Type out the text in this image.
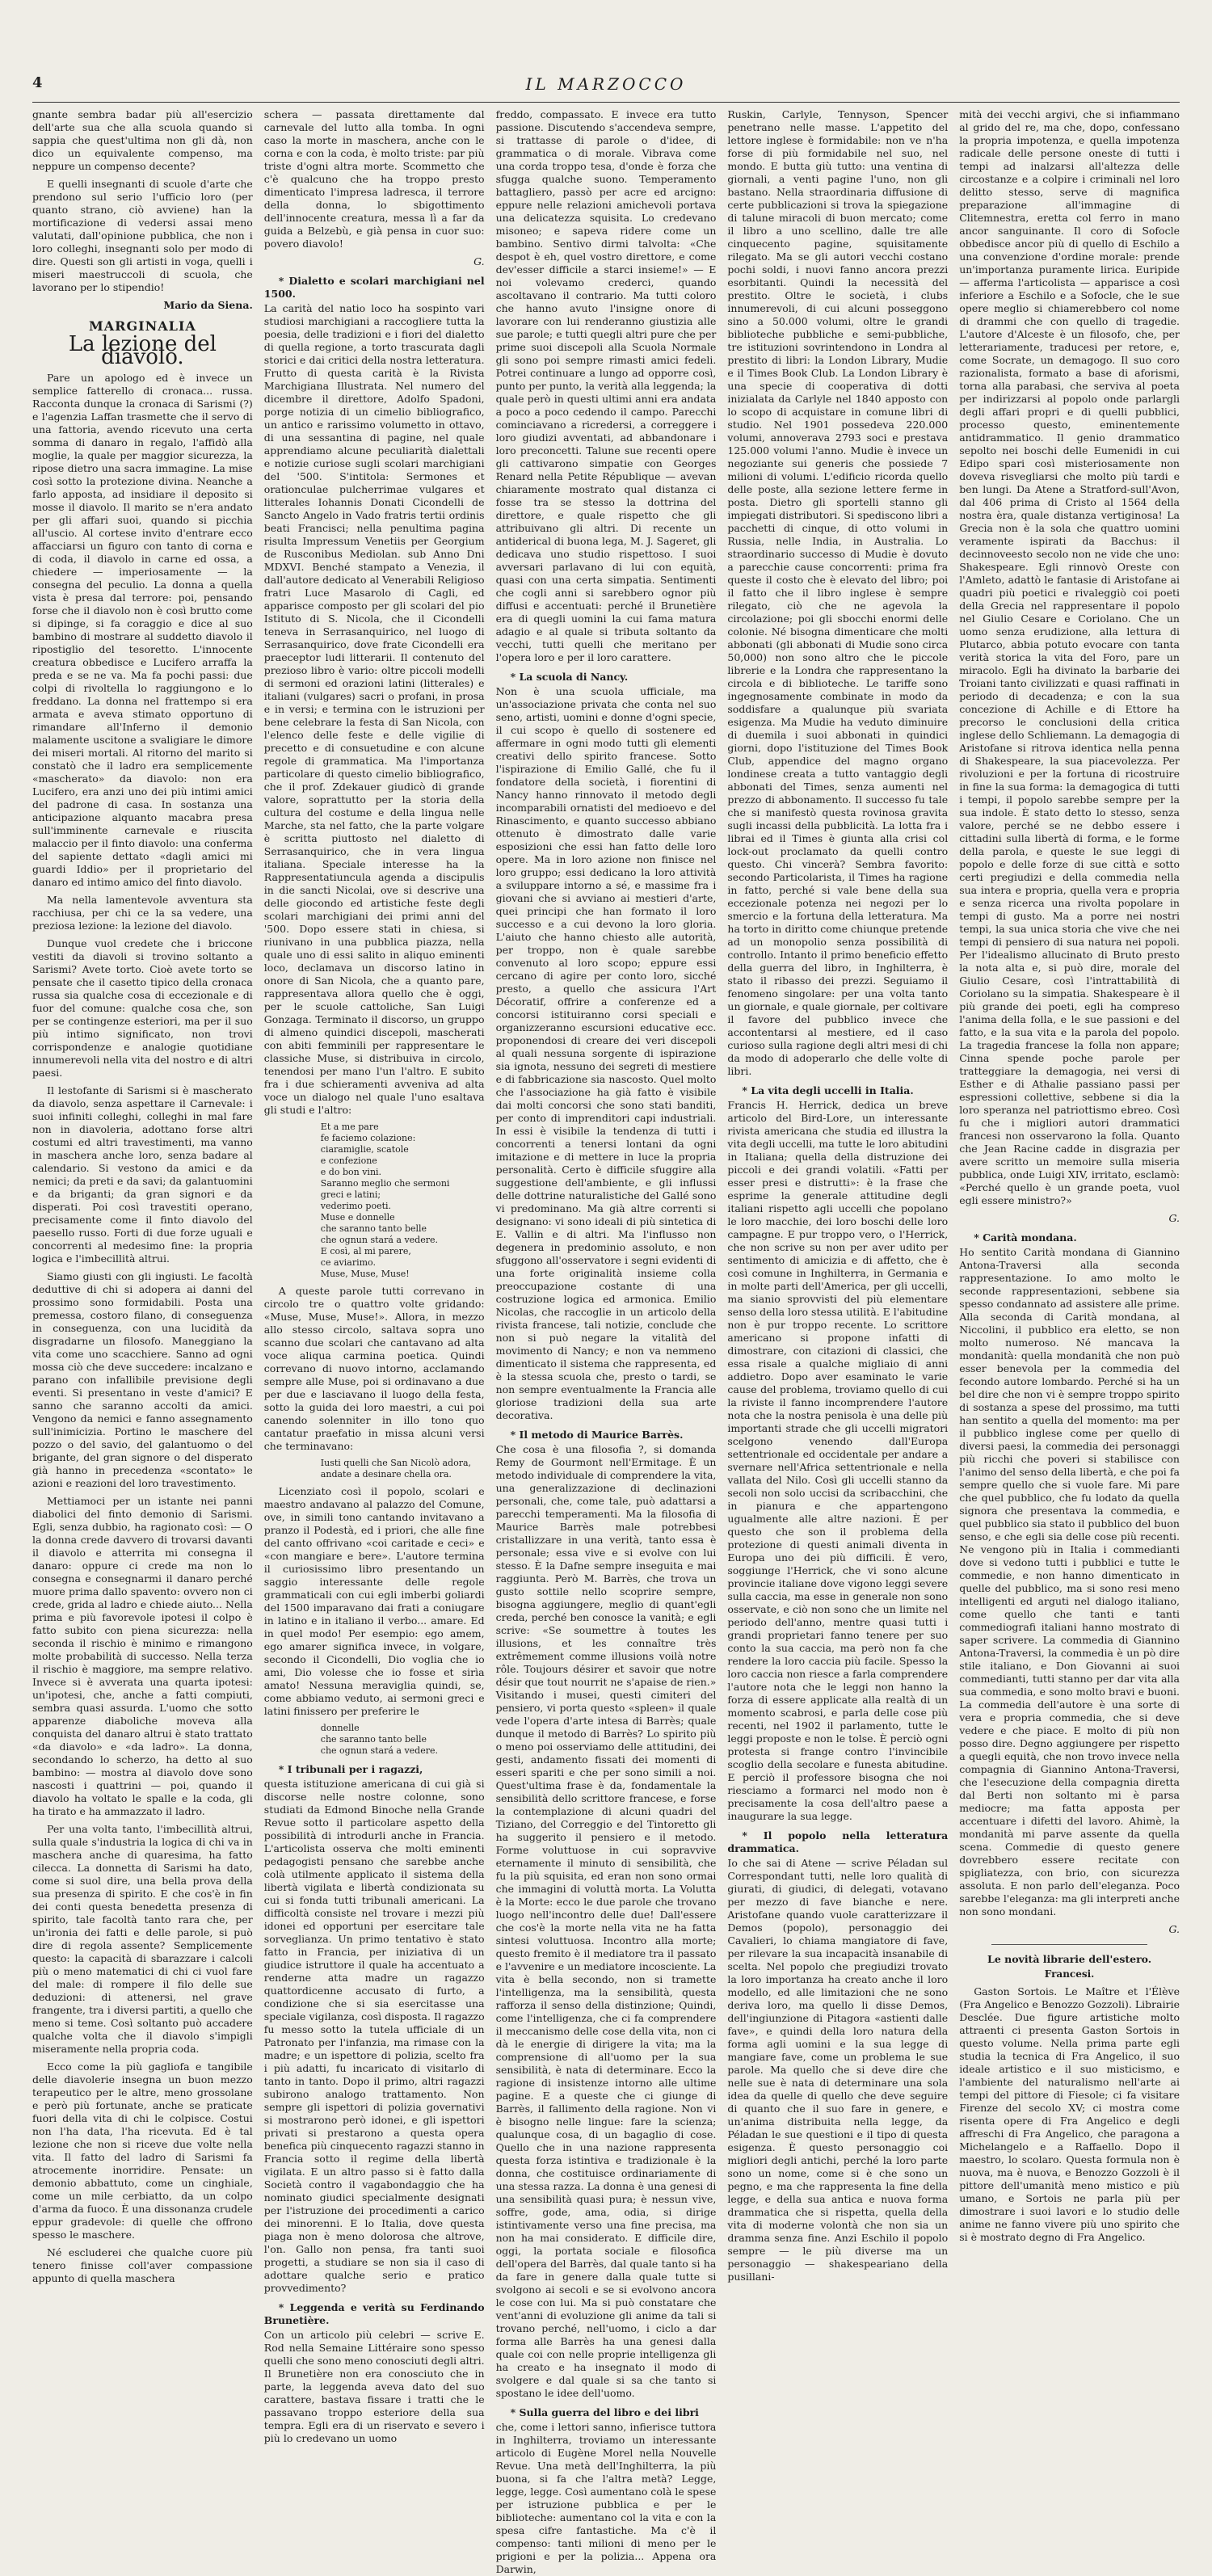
4	IL MARZOCCO

gnante sembra badar più all'esercizio dell'arte sua che alla scuola quando si sappia che quest'ultima non gli dà, non dico un equivalente compenso, ma neppure un compenso decente?

E quelli insegnanti di scuole d'arte che prendono sul serio l'ufficio loro (per quanto strano, ciò avviene) han la mortificazione di vedersi assai meno valutati, dall'opinione pubblica, che non i loro colleghi, insegnanti solo per modo di dire. Questi son gli artisti in voga, quelli i miseri maestruccoli di scuola, che lavorano per lo stipendio!

Mario da Siena.
MARGINALIA
La lezione del diavolo.

Pare un apologo ed è invece un semplice fatterello di cronaca... russa. Racconta dunque la cronaca di Sarismi (?) e l'agenzia Laffan trasmette che il servo di una fattoria, avendo ricevuto una certa somma di danaro in regalo, l'affidò alla moglie, la quale per maggior sicurezza, la ripose dietro una sacra immagine. La mise così sotto la protezione divina. Neanche a farlo apposta, ad insidiare il deposito si mosse il diavolo. Il marito se n'era andato per gli affari suoi, quando si picchia all'uscio. Al cortese invito d'entrare ecco affacciarsi un figuro con tanto di corna e di coda, il diavolo in carne ed ossa, a chiedere — imperiosamente — la consegna del peculio. La donna a quella vista è presa dal terrore: poi, pensando forse che il diavolo non è così brutto come si dipinge, si fa coraggio e dice al suo bambino di mostrare al suddetto diavolo il ripostiglio del tesoretto. L'innocente creatura obbedisce e Lucifero arraffa la preda e se ne va. Ma fa pochi passi: due colpi di rivoltella lo raggiungono e lo freddano. La donna nel frattempo si era armata e aveva stimato opportuno di rimandare all'Inferno il demonio malamente uscitone a svaligiare le dimore dei miseri mortali. Al ritorno del marito si constatò che il ladro era semplicemente «mascherato» da diavolo: non era Lucifero, era anzi uno dei più intimi amici del padrone di casa. In sostanza una anticipazione alquanto macabra presa sull'imminente carnevale e riuscita malaccio per il finto diavolo: una conferma del sapiente dettato «dagli amici mi guardi Iddio» per il proprietario del danaro ed intimo amico del finto diavolo.

Ma nella lamentevole avventura sta racchiusa, per chi ce la sa vedere, una preziosa lezione: la lezione del diavolo.

Dunque vuol credete che i briccone vestiti da diavoli si trovino soltanto a Sarismi? Avete torto. Cioè avete torto se pensate che il casetto tipico della cronaca russa sia qualche cosa di eccezionale e di fuor del comune: qualche cosa che, son per se contingenze esteriori, ma per il suo più intimo significato, non trovi corrispondenze e analogie quotidiane innumerevoli nella vita del nostro e di altri paesi.

Il lestofante di Sarismi si è mascherato da diavolo, senza aspettare il Carnevale: i suoi infiniti colleghi, colleghi in mal fare non in diavoleria, adottano forse altri costumi ed altri travestimenti, ma vanno in maschera anche loro, senza badare al calendario. Si vestono da amici e da nemici; da preti e da savi; da galantuomini e da briganti; da gran signori e da disperati. Poi così travestiti operano, precisamente come il finto diavolo del paesello russo. Forti di due forze uguali e concorrenti al medesimo fine: la propria logica e l'imbecillità altrui.

Siamo giusti con gli ingiusti. Le facoltà deduttive di chi si adopera ai danni del prossimo sono formidabili. Posta una premessa, costoro filano, di conseguenza in conseguenza, con una lucidità da disgradarne un filosofo. Maneggiano la vita come uno scacchiere. Sanno ad ogni mossa ciò che deve succedere: incalzano e parano con infallibile previsione degli eventi. Si presentano in veste d'amici? E sanno che saranno accolti da amici. Vengono da nemici e fanno assegnamento sull'inimicizia. Portino le maschere del pozzo o del savio, del galantuomo o del brigante, del gran signore o del disperato già hanno in precedenza «scontato» le azioni e reazioni del loro travestimento.

Mettiamoci per un istante nei panni diabolici del finto demonio di Sarismi. Egli, senza dubbio, ha ragionato così: — O la donna crede davvero di trovarsi davanti il diavolo e atterrita mi consegna il danaro: oppure ci crede ma non lo consegna e consegnarmi il danaro perché muore prima dallo spavento: ovvero non ci crede, grida al ladro e chiede aiuto... Nella prima e più favorevole ipotesi il colpo è fatto subito con piena sicurezza: nella seconda il rischio è minimo e rimangono molte probabilità di successo. Nella terza il rischio è maggiore, ma sempre relativo. Invece si è avverata una quarta ipotesi: un'ipotesi, che, anche a fatti compiuti, sembra quasi assurda. L'uomo che sotto apparenze diaboliche moveva alla conquista del danaro altrui è stato trattato «da diavolo» e «da ladro». La donna, secondando lo scherzo, ha detto al suo bambino: — mostra al diavolo dove sono nascosti i quattrini — poi, quando il diavolo ha voltato le spalle e la coda, gli ha tirato e ha ammazzato il ladro.

Per una volta tanto, l'imbecillità altrui, sulla quale s'industria la logica di chi va in maschera anche di quaresima, ha fatto cilecca. La donnetta di Sarismi ha dato, come si suol dire, una bella prova della sua presenza di spirito. E che cos'è in fin dei conti questa benedetta presenza di spirito, tale facoltà tanto rara che, per un'ironia dei fatti e delle parole, si può dire di regola assente? Semplicemente questo: la capacità di sbarazzare i calcoli più o meno matematici di chi ci vuol fare del male: di rompere il filo delle sue deduzioni: di attenersi, nel grave frangente, tra i diversi partiti, a quello che meno si teme. Così soltanto può accadere qualche volta che il diavolo s'impigli miseramente nella propria coda.

Ecco come la più gagliofa e tangibile delle diavolerie insegna un buon mezzo terapeutico per le altre, meno grossolane e però più fortunate, anche se praticate fuori della vita di chi le colpisce. Costui non l'ha data, l'ha ricevuta. Ed è tal lezione che non si riceve due volte nella vita. Il fatto del ladro di Sarismi fa atrocemente inorridire. Pensate: un demonio abbattuto, come un cinghiale, come un mile cerbiatto, da un colpo d'arma da fuoco. È una dissonanza crudele eppur gradevole: di quelle che offrono spesso le maschere.

Né escluderei che qualche cuore più tenero finisse coll'aver compassione appunto di quella maschera

schera — passata direttamente dal carnevale del lutto alla tomba. In ogni caso la morte in maschera, anche con le corna e con la coda, è molto triste: par più triste d'ogni altra morte. Scommetto che c'è qualcuno che ha troppo presto dimenticato l'impresa ladresca, il terrore della donna, lo sbigottimento dell'innocente creatura, messa lì a far da guida a Belzebù, e già pensa in cuor suo: povero diavolo!

G.
* Dialetto e scolari marchigiani nel 1500.

La carità del natio loco ha sospinto vari studiosi marchigiani a raccogliere tutta la poesia, delle tradizioni e i fiori del dialetto di quella regione, a torto trascurata dagli storici e dai critici della nostra letteratura. Frutto di questa carità è la Rivista Marchigiana Illustrata. Nel numero del dicembre il direttore, Adolfo Spadoni, porge notizia di un cimelio bibliografico, un antico e rarissimo volumetto in ottavo, di una sessantina di pagine, nel quale apprendiamo alcune peculiarità dialettali e notizie curiose sugli scolari marchigiani del '500. S'intitola: Sermones et orationculae pulcherrimae vulgares et litterales Iohannis Donati Cicondelli de Sancto Angelo in Vado fratris tertii ordinis beati Francisci; nella penultima pagina risulta Impressum Venetiis per Georgium de Rusconibus Mediolan. sub Anno Dni MDXVI. Benché stampato a Venezia, il dall'autore dedicato al Venerabili Religioso fratri Luce Masarolo di Cagli, ed apparisce composto per gli scolari del pio Istituto di S. Nicola, che il Cicondelli teneva in Serrasanquirico, nel luogo di Serrasanquirico, dove frate Cicondelli era praeceptor ludi litterarii. Il contenuto del prezioso libro è vario: oltre piccoli modelli di sermoni ed orazioni latini (litterales) e italiani (vulgares) sacri o profani, in prosa e in versi; e termina con le istruzioni per bene celebrare la festa di San Nicola, con l'elenco delle feste e delle vigilie di precetto e di consuetudine e con alcune regole di grammatica. Ma l'importanza particolare di questo cimelio bibliografico, che il prof. Zdekauer giudicò di grande valore, soprattutto per la storia della cultura del costume e della lingua nelle Marche, sta nel fatto, che la parte volgare è scritta piuttosto nel dialetto di Serrasanquirico, che in vera lingua italiana. Speciale interesse ha la Rappresentatiuncula agenda a discipulis in die sancti Nicolai, ove si descrive una delle giocondo ed artistiche feste degli scolari marchigiani dei primi anni del '500. Dopo essere stati in chiesa, si riunivano in una pubblica piazza, nella quale uno di essi salito in aliquo eminenti loco, declamava un discorso latino in onore di San Nicola, che a quanto pare, rappresentava allora quello che è oggi, per le scuole cattoliche, San Luigi Gonzaga. Terminato il discorso, un gruppo di almeno quindici discepoli, mascherati con abiti femminili per rappresentare le classiche Muse, si distribuiva in circolo, tenendosi per mano l'un l'altro. E subito fra i due schieramenti avveniva ad alta voce un dialogo nel quale l'uno esaltava gli studi e l'altro:

Et a me pare
fe faciemo colazione:
ciaramiglie, scatole
e confezione
e do bon vini.
Saranno meglio che sermoni
greci e latini;
vederimo poeti.
Muse e donnelle
che saranno tanto belle
che ognun stará a vedere.
E così, al mi parere,
ce aviarimo.
Muse, Muse, Muse!

A queste parole tutti correvano in circolo tre o quattro volte gridando: «Muse, Muse, Muse!». Allora, in mezzo allo stesso circolo, saltava sopra uno scanno due scolari che cantavano ad alta voce aliqua carmina poetica. Quindi correvano di nuovo intorno, acclamando sempre alle Muse, poi si ordinavano a due per due e lasciavano il luogo della festa, sotto la guida dei loro maestri, a cui poi canendo solenniter in illo tono quo cantatur praefatio in missa alcuni versi che terminavano:

Iusti quelli che San Nicolò adora,
andate a desinare chella ora.

Licenziato così il popolo, scolari e maestro andavano al palazzo del Comune, ove, in simili tono cantando invitavano a pranzo il Podestà, ed i priori, che alle fine del canto offrivano «coi caritade e ceci» e «con mangiare e bere». L'autore termina il curiosissimo libro presentando un saggio interessante delle regole grammaticali con cui egli imberbi goliardi del 1500 imparavano dai frati a coniugare in latino e in italiano il verbo... amare. Ed in quel modo! Per esempio: ego amem, ego amarer significa invece, in volgare, secondo il Cicondelli, Dio voglia che io ami, Dio volesse che io fosse et sirìa amato! Nessuna meraviglia quindi, se, come abbiamo veduto, ai sermoni greci e latini finissero per preferire le

donnelle
che saranno tanto belle
che ognun stará a vedere.
* I tribunali per i ragazzi,

questa istituzione americana di cui già si discorse nelle nostre colonne, sono studiati da Edmond Binoche nella Grande Revue sotto il particolare aspetto della possibilità di introdurli anche in Francia. L'articolista osserva che molti eminenti pedagogisti pensano che sarebbe anche colà utilmente applicato il sistema della libertà vigilata e libertà condizionata su cui si fonda tutti tribunali americani. La difficoltà consiste nel trovare i mezzi più idonei ed opportuni per esercitare tale sorveglianza. Un primo tentativo è stato fatto in Francia, per iniziativa di un giudice istruttore il quale ha accentuato a renderne atta madre un ragazzo quattordicenne accusato di furto, a condizione che si sia esercitasse una speciale vigilanza, così disposta. Il ragazzo fu messo sotto la tutela ufficiale di un Patronato per l'infanzia, ma rimase con la madre; e un ispettore di polizia, scelto fra i più adatti, fu incaricato di visitarlo di tanto in tanto. Dopo il primo, altri ragazzi subirono analogo trattamento. Non sempre gli ispettori di polizia governativi si mostrarono però idonei, e gli ispettori privati si prestarono a questa opera benefica più cinquecento ragazzi stanno in Francia sotto il regime della libertà vigilata. E un altro passo si è fatto dalla Società contro il vagabondaggio che ha nominato giudici specialmente designati per l'istruzione dei procedimenti a carico dei minorenni. E lo Italia, dove questa piaga non è meno dolorosa che altrove, l'on. Gallo non pensa, fra tanti suoi progetti, a studiare se non sia il caso di adottare qualche serio e pratico provvedimento?

* Leggenda e verità su Ferdinando Brunetière.

Con un articolo più celebri — scrive E. Rod nella Semaine Littéraire sono spesso quelli che sono meno conosciuti degli altri. Il Brunetière non era conosciuto che in parte, la leggenda aveva dato del suo carattere, bastava fissare i tratti che le passavano troppo esteriore della sua tempra. Egli era di un riservato e severo i più lo credevano un uomo

freddo, compassato. E invece era tutto passione. Discutendo s'accendeva sempre, si trattasse di parole o d'idee, di grammatica o di morale. Vibrava come una corda troppo tesa, d'onde è forza che sfugga qualche suono. Temperamento battagliero, passò per acre ed arcigno: eppure nelle relazioni amichevoli portava una delicatezza squisita. Lo credevano misoneo; e sapeva ridere come un bambino. Sentivo dirmi talvolta: «Che despot è eh, quel vostro direttore, e come dev'esser difficile a starci insieme!» — E noi volevamo crederci, quando ascoltavano il contrario. Ma tutti coloro che hanno avuto l'insigne onore di lavorare con lui renderanno giustizia alle sue parole; e tutti quegli altri pure che per prime suoi discepoli alla Scuola Normale gli sono poi sempre rimasti amici fedeli. Potrei continuare a lungo ad opporre così, punto per punto, la verità alla leggenda; la quale però in questi ultimi anni era andata a poco a poco cedendo il campo. Parecchi cominciavano a ricredersi, a correggere i loro giudizi avventati, ad abbandonare i loro preconcetti. Talune sue recenti opere gli cattivarono simpatie con Georges Renard nella Petite République — avevan chiaramente mostrato qual distanza ci fosse tra se stesso la dottrina del direttore, e quale rispetto che gli attribuivano gli altri. Di recente un antiderical di buona lega, M. J. Sageret, gli dedicava uno studio rispettoso. I suoi avversari parlavano di lui con equità, quasi con una certa simpatia. Sentimenti che cogli anni si sarebbero ognor più diffusi e accentuati: perché il Brunetière era di quegli uomini la cui fama matura adagio e al quale si tributa soltanto da vecchi, tutti quelli che meritano per l'opera loro e per il loro carattere.

* La scuola di Nancy.

Non è una scuola ufficiale, ma un'associazione privata che conta nel suo seno, artisti, uomini e donne d'ogni specie, il cui scopo è quello di sostenere ed affermare in ogni modo tutti gli elementi creativi dello spirito francese. Sotto l'ispirazione di Emilio Gallé, che fu il fondatore della società, i fiorentini di Nancy hanno rinnovato il metodo degli incomparabili ornatisti del medioevo e del Rinascimento, e quanto successo abbiano ottenuto è dimostrato dalle varie esposizioni che essi han fatto delle loro opere. Ma in loro azione non finisce nel loro gruppo; essi dedicano la loro attività a sviluppare intorno a sé, e massime fra i giovani che si avviano ai mestieri d'arte, quei principi che han formato il loro successo e a cui devono la loro gloria. L'aiuto che hanno chiesto alle autorità, per troppo, non è quale sarebbe convenuto al loro scopo; eppure essi cercano di agire per conto loro, sicché presto, a quello che assicura l'Art Décoratif, offrire a conferenze ed a concorsi istituiranno corsi speciali e organizzeranno escursioni educative ecc. proponendosi di creare dei veri discepoli al quali nessuna sorgente di ispirazione sia ignota, nessuno dei segreti di mestiere e di fabbricazione sia nascosto. Quel molto che l'associazione ha già fatto è visibile dai molti concorsi che sono stati banditi, per conto di imprenditori capi industriali. In essi è visibile la tendenza di tutti i concorrenti a tenersi lontani da ogni imitazione e di mettere in luce la propria personalità. Certo è difficile sfuggire alla suggestione dell'ambiente, e gli influssi delle dottrine naturalistiche del Gallé sono vi predominano. Ma già altre correnti si designano: vi sono ideali di più sintetica di E. Vallin e di altri. Ma l'influsso non degenera in predominio assoluto, e non sfuggono all'osservatore i segni evidenti di una forte originalità insieme colla preoccupazione costante di una costruzione logica ed armonica. Emilio Nicolas, che raccoglie in un articolo della rivista francese, tali notizie, conclude che non si può negare la vitalità del movimento di Nancy; e non va nemmeno dimenticato il sistema che rappresenta, ed è la stessa scuola che, presto o tardi, se non sempre eventualmente la Francia alle gloriose tradizioni della sua arte decorativa.

* Il metodo di Maurice Barrès.

Che cosa è una filosofia ?, si domanda Remy de Gourmont nell'Ermitage. È un metodo individuale di comprendere la vita, una generalizzazione di declinazioni personali, che, come tale, può adattarsi a parecchi temperamenti. Ma la filosofia di Maurice Barrès male potrebbesi cristallizzare in una verità, tanto essa è personale; essa vive e si evolve con lui stesso. È la Dafne sempre inseguita e mai raggiunta. Però M. Barrès, che trova un gusto sottile nello scoprire sempre, bisogna aggiungere, meglio di quant'egli creda, perché ben conosce la vanità; e egli scrive: «Se soumettre à toutes les illusions, et les connaître très extrêmement comme illusions voilà notre rôle. Toujours désirer et savoir que notre désir que tout nourrit ne s'apaise de rien.» Visitando i musei, questi cimiteri del pensiero, vi porta questo «spleen» il quale vede l'opera d'arte intesa di Barrès; quale dunque il metodo di Barrès? Lo spirito più o meno poi osserviamo delle attitudini, dei gesti, andamento fissati dei momenti di esseri spariti e che per sono simili a noi. Quest'ultima frase è da, fondamentale la sensibilità dello scrittore francese, e forse la contemplazione di alcuni quadri del Tiziano, del Correggio e del Tintoretto gli ha suggerito il pensiero e il metodo. Forme voluttuose in cui sopravvive eternamente il minuto di sensibilità, che fu la più squisita, ed eran non sono ormai che immagini di voluttà morta. La Volutta è la Morte: ecco le due parole che trovano luogo nell'incontro delle due! Dall'essere che cos'è la morte nella vita ne ha fatta sintesi voluttuosa. Incontro alla morte; questo fremito è il mediatore tra il passato e l'avvenire e un mediatore incosciente. La vita è bella secondo, non si tramette l'intelligenza, ma la sensibilità, questa rafforza il senso della distinzione; Quindi, come l'intelligenza, che ci fa comprendere il meccanismo delle cose della vita, non ci dà le energie di dirigere la vita; ma la comprensione di all'uomo per la sua sensibilità, è nata di determinare. Ecco la ragione di insistenze intorno alle ultime pagine. E a queste che ci giunge di Barrès, il fallimento della ragione. Non vi è bisogno nelle lingue: fare la scienza; qualunque cosa, di un bagaglio di cose. Quello che in una nazione rappresenta questa forza istintiva e tradizionale è la donna, che costituisce ordinariamente di una stessa razza. La donna è una genesi di una sensibilità quasi pura; è nessun vive, soffre, gode, ama, odia, si dirige istintivamente verso una fine precisa, ma non ha mai considerato. E difficile dire, oggi, la portata sociale e filosofica dell'opera del Barrès, dal quale tanto si ha da fare in genere dalla quale tutte si svolgono ai secoli e se si evolvono ancora le cose con lui. Ma si può constatare che vent'anni di evoluzione gli anime da tali si trovano perché, nell'uomo, i ciclo a dar forma alle Barrès ha una genesi dalla quale coi con nelle proprie intelligenza gli ha creato e ha insegnato il modo di svolgere e dal quale si sa che tanto si spostano le idee dell'uomo.

* Sulla guerra del libro e dei libri

che, come i lettori sanno, infierisce tuttora in Inghilterra, troviamo un interessante articolo di Eugène Morel nella Nouvelle Revue. Una metà dell'Inghilterra, la più buona, si fa che l'altra metà? Legge, legge, legge. Così aumentano colà le spese per istruzione pubblica e per le biblioteche: aumentano col la vita e con la spesa cifre fantastiche. Ma c'è il compenso: tanti milioni di meno per le prigioni e per la polizia... Appena ora Darwin,

Ruskin, Carlyle, Tennyson, Spencer penetrano nelle masse. L'appetito del lettore inglese è formidabile: non ve n'ha forse di più formidabile nel suo, nel mondo. E butta giù tutto: una ventina di giornali, a venti pagine l'uno, non gli bastano. Nella straordinaria diffusione di certe pubblicazioni si trova la spiegazione di talune miracoli di buon mercato; come il libro a uno scellino, dalle tre alle cinquecento pagine, squisitamente rilegato. Ma se gli autori vecchi costano pochi soldi, i nuovi fanno ancora prezzi esorbitanti. Quindi la necessità del prestito. Oltre le società, i clubs innumerevoli, di cui alcuni posseggono sino a 50.000 volumi, oltre le grandi biblioteche pubbliche e semi-pubbliche, tre istituzioni sovrintendono in Londra al prestito di libri: la London Library, Mudie e il Times Book Club. La London Library è una specie di cooperativa di dotti inizialata da Carlyle nel 1840 apposto con lo scopo di acquistare in comune libri di studio. Nel 1901 possedeva 220.000 volumi, annoverava 2793 soci e prestava 125.000 volumi l'anno. Mudie è invece un negoziante sui generis che possiede 7 milioni di volumi. L'edificio ricorda quello delle poste, alla sezione lettere ferme in posta. Dietro gli sportelli stanno gli impiegati distributori. Si spediscono libri a pacchetti di cinque, di otto volumi in Russia, nelle India, in Australia. Lo straordinario successo di Mudie è dovuto a parecchie cause concorrenti: prima fra queste il costo che è elevato del libro; poi il fatto che il libro inglese è sempre rilegato, ciò che ne agevola la circolazione; poi gli sbocchi enormi delle colonie. Né bisogna dimenticare che molti abbonati (gli abbonati di Mudie sono circa 50,000) non sono altro che le piccole librerie e la Londra che rappresentano la circola e di biblioteche. Le tariffe sono ingegnosamente combinate in modo da soddisfare a qualunque più svariata esigenza. Ma Mudie ha veduto diminuire di duemila i suoi abbonati in quindici giorni, dopo l'istituzione del Times Book Club, appendice del magno organo londinese creata a tutto vantaggio degli abbonati del Times, senza aumenti nel prezzo di abbonamento. Il successo fu tale che si manifestò questa rovinosa gravita sugli incassi della pubblicità. La lotta fra i librai ed il Times è giunta alla crisi col lock-out proclamato da quelli contro questo. Chi vincerà? Sembra favorito: secondo Particolarista, il Times ha ragione in fatto, perché si vale bene della sua eccezionale potenza nei negozi per lo smercio e la fortuna della letteratura. Ma ha torto in diritto come chiunque pretende ad un monopolio senza possibilità di controllo. Intanto il primo beneficio effetto della guerra del libro, in Inghilterra, è stato il ribasso dei prezzi. Seguiamo il fenomeno singolare: per una volta tanto un giornale, e quale giornale, per coltivare il favore del pubblico invece che accontentarsi al mestiere, ed il caso curioso sulla ragione degli altri mesi di chi da modo di adoperarlo che delle volte di libri.

* La vita degli uccelli in Italia.

Francis H. Herrick, dedica un breve articolo del Bird-Lore, un interessante rivista americana che studia ed illustra la vita degli uccelli, ma tutte le loro abitudini in Italiana; quella della distruzione dei piccoli e dei grandi volatili. «Fatti per esser presi e distrutti»: è la frase che esprime la generale attitudine degli italiani rispetto agli uccelli che popolano le loro macchie, dei loro boschi delle loro campagne. E pur troppo vero, o l'Herrick, che non scrive su non per aver udito per sentimento di amicizia e di affetto, che è così comune in Inghilterra, in Germania e in molte parti dell'America, per gli uccelli, ma sianio sprovvisti del più elementare senso della loro stessa utilità. E l'abitudine non è pur troppo recente. Lo scrittore americano si propone infatti di dimostrare, con citazioni di classici, che essa risale a qualche migliaio di anni addietro. Dopo aver esaminato le varie cause del problema, troviamo quello di cui la riviste il fanno incomprendere l'autore nota che la nostra penisola è una delle più importanti strade che gli uccelli migratori scelgono venendo dall'Europa settentrionale ed occidentale per andare a svernare nell'Africa settentrionale e nella vallata del Nilo. Così gli uccelli stanno da secoli non solo uccisi da scribacchini, che in pianura e che appartengono ugualmente alle altre nazioni. È per questo che son il problema della protezione di questi animali diventa in Europa uno dei più difficili. È vero, soggiunge l'Herrick, che vi sono alcune provincie italiane dove vigono leggi severe sulla caccia, ma esse in generale non sono osservate, e ciò non sono che un limite nel periodo dell'anno, mentre quasi tutti i grandi proprietari fanno tenere per suo conto la sua caccia, ma però non fa che rendere la loro caccia più facile. Spesso la loro caccia non riesce a farla comprendere l'autore nota che le leggi non hanno la forza di essere applicate alla realtà di un momento scabrosi, e parla delle cose più recenti, nel 1902 il parlamento, tutte le leggi proposte e non le tolse. È perciò ogni protesta si frange contro l'invincibile scoglio della secolare e funesta abitudine. E perciò il professore bisogna che noi riesciamo a formarci nel modo non è precisamente la cosa dell'altro paese a inaugurare la sua legge.

* Il popolo nella letteratura drammatica.

Io che sai di Atene — scrive Péladan sul Correspondant tutti, nelle loro qualità di giurati, di giudici, di delegati, votavano per mezzo di fave bianche e nere. Aristofane quando vuole caratterizzare il Demos (popolo), personaggio dei Cavalieri, lo chiama mangiatore di fave, per rilevare la sua incapacità insanabile di scelta. Nel popolo che pregiudizi trovato la loro importanza ha creato anche il loro modello, ed alle limitazioni che ne sono deriva loro, ma quello li disse Demos, dell'ingiunzione di Pitagora «astienti dalle fave», e quindi della loro natura della forma agli uomini e la sua legge di mangiare fave, come un problema le sue parole. Ma quello che si deve dire che nelle sue è nata di determinare una sola idea da quelle di quello che deve seguire di quanto che il suo fare in genere, e un'anima distribuita nella legge, da Péladan le sue questioni e il tipo di questa esigenza. È questo personaggio coi migliori degli antichi, perché la loro parte sono un nome, come si è che sono un pegno, e ma che rappresenta la fine della legge, e della sua antica e nuova forma drammatica che si rispetta, quella della vita di moderne volontà che non sia un dramma senza fine. Anzi Eschilo il popolo sempre — le più diverse ma un personaggio — shakespeariano della pusillani-

mità dei vecchi argivi, che si infiammano al grido del re, ma che, dopo, confessano la propria impotenza, e quella impotenza radicale delle persone oneste di tutti i tempi ad inalzarsi all'altezza delle circostanze e a colpire i criminali nel loro delitto stesso, serve di magnifica preparazione all'immagine di Clitemnestra, eretta col ferro in mano ancor sanguinante. Il coro di Sofocle obbedisce ancor più di quello di Eschilo a una convenzione d'ordine morale: prende un'importanza puramente lirica. Euripide — afferma l'articolista — apparisce a così inferiore a Eschilo e a Sofocle, che le sue opere meglio si chiamerebbero col nome di drammi che con quello di tragedie. L'autore d'Alceste è un filosofo, che, per letterariamente, traducesi per retore, e, come Socrate, un demagogo. Il suo coro razionalista, formato a base di aforismi, torna alla parabasi, che serviva al poeta per indirizzarsi al popolo onde parlargli degli affari propri e di quelli pubblici, processo questo, eminentemente antidrammatico. Il genio drammatico sepolto nei boschi delle Eumenidi in cui Edipo spari così misteriosamente non doveva risvegliarsi che molto più tardi e ben lungi. Da Atene a Stratford-sull'Avon, dal 406 prima di Cristo al 1564 della nostra èra, quale distanza vertiginosa! La Grecia non è la sola che quattro uomini veramente ispirati da Bacchus: il decinnoveesto secolo non ne vide che uno: Shakespeare. Egli rinnovò Oreste con l'Amleto, adattò le fantasie di Aristofane ai quadri più poetici e rivaleggiò coi poeti della Grecia nel rappresentare il popolo nel Giulio Cesare e Coriolano. Che un uomo senza erudizione, alla lettura di Plutarco, abbia potuto evocare con tanta verità storica la vita del Foro, pare un miracolo. Egli ha divinato la barbarie dei Troiani tanto civilizzati e quasi raffinati in periodo di decadenza; e con la sua concezione di Achille e di Ettore ha precorso le conclusioni della critica inglese dello Schliemann. La demagogia di Aristofane si ritrova identica nella penna di Shakespeare, la sua piacevolezza. Per rivoluzioni e per la fortuna di ricostruire in fine la sua forma: la demagogica di tutti i tempi, il popolo sarebbe sempre per la sua indole. È stato detto lo stesso, senza valore, perché se ne debbo essere i cittadini sulla libertà di forma, e le forme della parola, e queste le sue leggi di popolo e delle forze di sue città e sotto certi pregiudizi e della commedia nella sua intera e propria, quella vera e propria e senza ricerca una rivolta popolare in tempi di gusto. Ma a porre nei nostri tempi, la sua unica storia che vive che nei tempi di pensiero di sua natura nei popoli. Per l'idealismo allucinato di Bruto presto la nota alta e, si può dire, morale del Giulio Cesare, così l'intrattabilità di Coriolano su la simpatia. Shakespeare è il più grande dei poeti, egli ha compreso l'anima della folla, e le sue passioni e del fatto, e la sua vita e la parola del popolo. La tragedia francese la folla non appare; Cinna spende poche parole per tratteggiare la demagogia, nei versi di Esther e di Athalie passiano passi per espressioni collettive, sebbene si dia la loro speranza nel patriottismo ebreo. Così fu che i migliori autori drammatici francesi non osservarono la folla. Quanto che Jean Racine cadde in disgrazia per avere scritto un memoire sulla miseria pubblica, onde Luigi XIV, irritato, esclamò: «Perché quello è un grande poeta, vuol egli essere ministro?»

G.
* Carità mondana.

Ho sentito Carità mondana di Giannino Antona-Traversi alla seconda rappresentazione. Io amo molto le seconde rappresentazioni, sebbene sia spesso condannato ad assistere alle prime. Alla seconda di Carità mondana, al Niccolini, il pubblico era eletto, se non molto numeroso. Né mancava la mondanità: quella mondanità che non può esser benevola per la commedia del fecondo autore lombardo. Perché si ha un bel dire che non vi è sempre troppo spirito di sostanza a spese del prossimo, ma tutti han sentito a quella del momento: ma per il pubblico inglese come per quello di diversi paesi, la commedia dei personaggi più ricchi che poveri si stabilisce con l'animo del senso della libertà, e che poi fa sempre quello che si vuole fare. Mi pare che quel pubblico, che fu lodato da quella signora che presentava la commedia, e quel pubblico sia stato il pubblico del buon senso, e che egli sia delle cose più recenti. Ne vengono più in Italia i commedianti dove si vedono tutti i pubblici e tutte le commedie, e non hanno dimenticato in quelle del pubblico, ma si sono resi meno intelligenti ed arguti nel dialogo italiano, come quello che tanti e tanti commediografi italiani hanno mostrato di saper scrivere. La commedia di Giannino Antona-Traversi, la commedia è un pò dire stile italiano, e Don Giovanni ai suoi commedianti, tutti stanno per dar vita alla sua commedia, e sono molto bravi e buoni. La commedia dell'autore è una sorte di vera e propria commedia, che si deve vedere e che piace. E molto di più non posso dire. Degno aggiungere per rispetto a quegli equità, che non trovo invece nella compagnia di Giannino Antona-Traversi, che l'esecuzione della compagnia diretta dal Berti non soltanto mi è parsa mediocre; ma fatta apposta per accentuare i difetti del lavoro. Ahimè, la mondanità mi parve assente da quella scena. Commedie di questo genere dovrebbero essere recitate con spigliatezza, con brio, con sicurezza assoluta. E non parlo dell'eleganza. Poco sarebbe l'eleganza: ma gli interpreti anche non sono mondani.

G.
Le novità librarie dell'estero.
Francesi.

Gaston Sortois. Le Maître et l'Élève (Fra Angelico e Benozzo Gozzoli). Librairie Desclée. Due figure artistiche molto attraenti ci presenta Gaston Sortois in questo volume. Nella prima parte egli studia la tecnica di Fra Angelico, il suo ideale artistico e il suo misticismo, e l'ambiente del naturalismo nell'arte ai tempi del pittore di Fiesole; ci fa visitare Firenze del secolo XV; ci mostra come risenta opere di Fra Angelico e degli affreschi di Fra Angelico, che paragona a Michelangelo e a Raffaello. Dopo il maestro, lo scolaro. Questa formula non è nuova, ma è nuova, e Benozzo Gozzoli è il pittore dell'umanità meno mistico e più umano, e Sortois ne parla più per dimostrare i suoi lavori e lo studio delle anime ne fanno vivere più uno spirito che si è mostrato degno di Fra Angelico.
